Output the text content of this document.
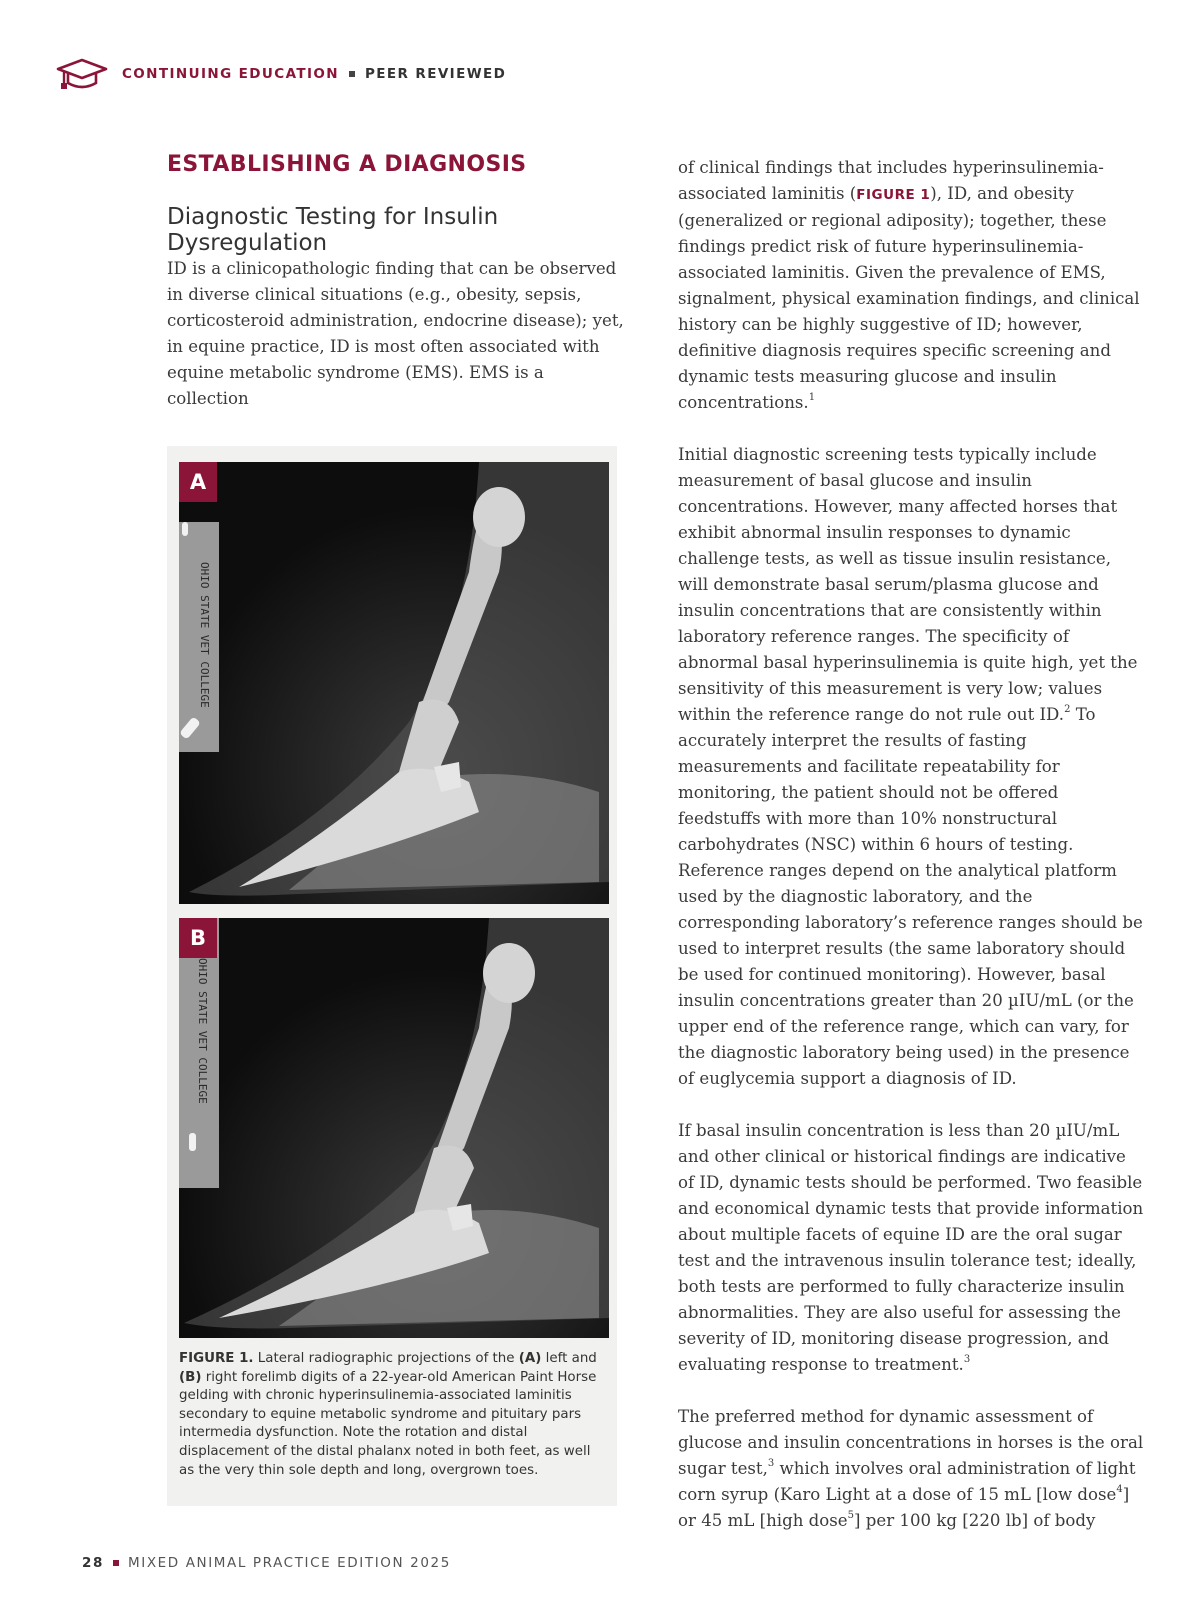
CONTINUING EDUCATION PEER REVIEWED
ESTABLISHING A DIAGNOSIS
Diagnostic Testing for Insulin Dysregulation

ID is a clinicopathologic finding that can be observed in diverse clinical situations (e.g., obesity, sepsis, corticosteroid administration, endocrine disease); yet, in equine practice, ID is most often associated with equine metabolic syndrome (EMS). EMS is a collection

A
OHIO STATE VET COLLEGE
B
OHIO STATE VET COLLEGE

FIGURE 1. Lateral radiographic projections of the (A) left and (B) right forelimb digits of a 22-year-old American Paint Horse gelding with chronic hyperinsulinemia-associated laminitis secondary to equine metabolic syndrome and pituitary pars intermedia dysfunction. Note the rotation and distal displacement of the distal phalanx noted in both feet, as well as the very thin sole depth and long, overgrown toes.

of clinical findings that includes hyperinsulinemia-associated laminitis (FIGURE 1), ID, and obesity (generalized or regional adiposity); together, these findings predict risk of future hyperinsulinemia-associated laminitis. Given the prevalence of EMS, signalment, physical examination findings, and clinical history can be highly suggestive of ID; however, definitive diagnosis requires specific screening and dynamic tests measuring glucose and insulin concentrations.$^1$

Initial diagnostic screening tests typically include measurement of basal glucose and insulin concentrations. However, many affected horses that exhibit abnormal insulin responses to dynamic challenge tests, as well as tissue insulin resistance, will demonstrate basal serum/plasma glucose and insulin concentrations that are consistently within laboratory reference ranges. The specificity of abnormal basal hyperinsulinemia is quite high, yet the sensitivity of this measurement is very low; values within the reference range do not rule out ID.$^2$ To accurately interpret the results of fasting measurements and facilitate repeatability for monitoring, the patient should not be offered feedstuffs with more than 10% nonstructural carbohydrates (NSC) within 6 hours of testing. Reference ranges depend on the analytical platform used by the diagnostic laboratory, and the corresponding laboratory’s reference ranges should be used to interpret results (the same laboratory should be used for continued monitoring). However, basal insulin concentrations greater than 20 µIU/mL (or the upper end of the reference range, which can vary, for the diagnostic laboratory being used) in the presence of euglycemia support a diagnosis of ID.

If basal insulin concentration is less than 20 µIU/mL and other clinical or historical findings are indicative of ID, dynamic tests should be performed. Two feasible and economical dynamic tests that provide information about multiple facets of equine ID are the oral sugar test and the intravenous insulin tolerance test; ideally, both tests are performed to fully characterize insulin abnormalities. They are also useful for assessing the severity of ID, monitoring disease progression, and evaluating response to treatment.$^3$

The preferred method for dynamic assessment of glucose and insulin concentrations in horses is the oral sugar test,$^3$ which involves oral administration of light corn syrup (Karo Light at a dose of 15 mL [low dose$^4$] or 45 mL [high dose$^5$] per 100 kg [220 lb] of body

28 MIXED ANIMAL PRACTICE EDITION 2025
